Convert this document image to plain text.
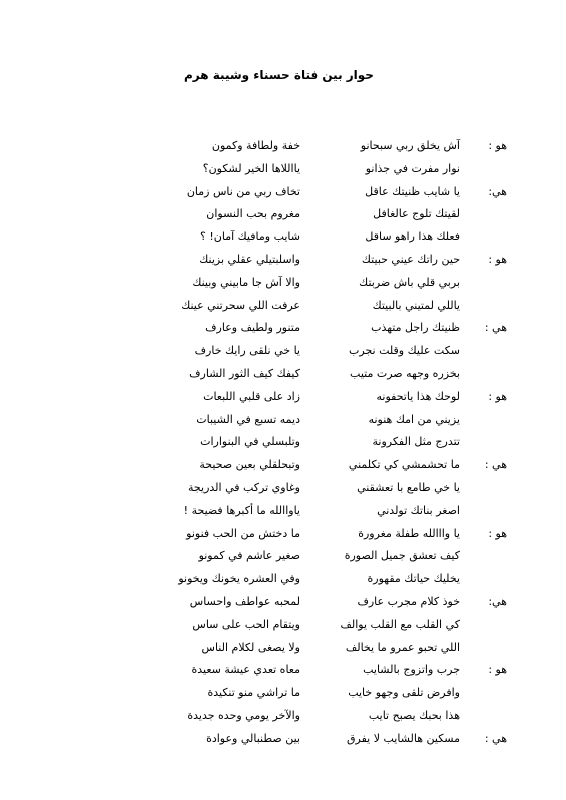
حوار بين فتاة حسناء وشيبة هرم
هو :
آش يخلق ربي سبحانو
خفة ولطافة وكمون
نوار مفرت في جذانو
يااللاها الخير لشكون؟
هي:
يا شايب ظنيتك عاقل
تخاف ربي من ناس زمان
لقيتك تلوج عالغافل
مغروم بحب النسوان
فعلك هذا راهو ساقل
شايب ومافيك آمان! ؟
هو :
حين راتك عيني حبيتك
واسلبتيلي عقلي بزينك
بربي قلي باش ضربتك
والا آش جا مابيني وبينك
ياللي لمتيني بالبيتك
عرفت اللي سحرتني عينك
هي :
ظنيتك راجل متهذب
متنور ولطيف وعارف
سكت عليك وقلت نجرب
يا خي نلقى رايك خارف
بخزره وجهه صرت متيب
كيفك كيف الثور الشارف
هو :
لوحك هذا ياتحفونه
زاد على قلبي اللبعات
يزيني من امك هنونه
ديمه تسبع في الشيبات
تتدرج مثل الفكرونة
وتلبسلي في البنوارات
هي :
ما تحشمشي كي تكلمني
وتبحلقلي بعين صحيحة
يا خي طامع با تعشقني
وغاوي تركب في الدريجة
اصغر بناتك تولدني
ياواالله ما أكبرها فضيحة !
هو :
يا وااالله طفلة مغرورة
ما دختش من الحب فنونو
كيف تعشق جميل الصورة
صغير عاشم في كمونو
يخليك حياتك مقهورة
وفي العشره يخونك ويخونو
هي:
خوذ كلام مجرب عارف
لمحبه عواطف واحساس
كي القلب مع القلب يوالف
ويتقام الحب على ساس
اللي تحبو عمرو ما يخالف
ولا يصغى لكلام الناس
هو :
جرب واتزوج بالشايب
معاه تعدي عيشة سعيدة
وافرض تلقى وجهو خايب
ما تراشي منو تنكيدة
هذا بحبك يصبح تايب
والآخر يومي وحده جديدة
هي :
مسكين هالشايب لا يفرق
بين صطنبالي وعوادة
